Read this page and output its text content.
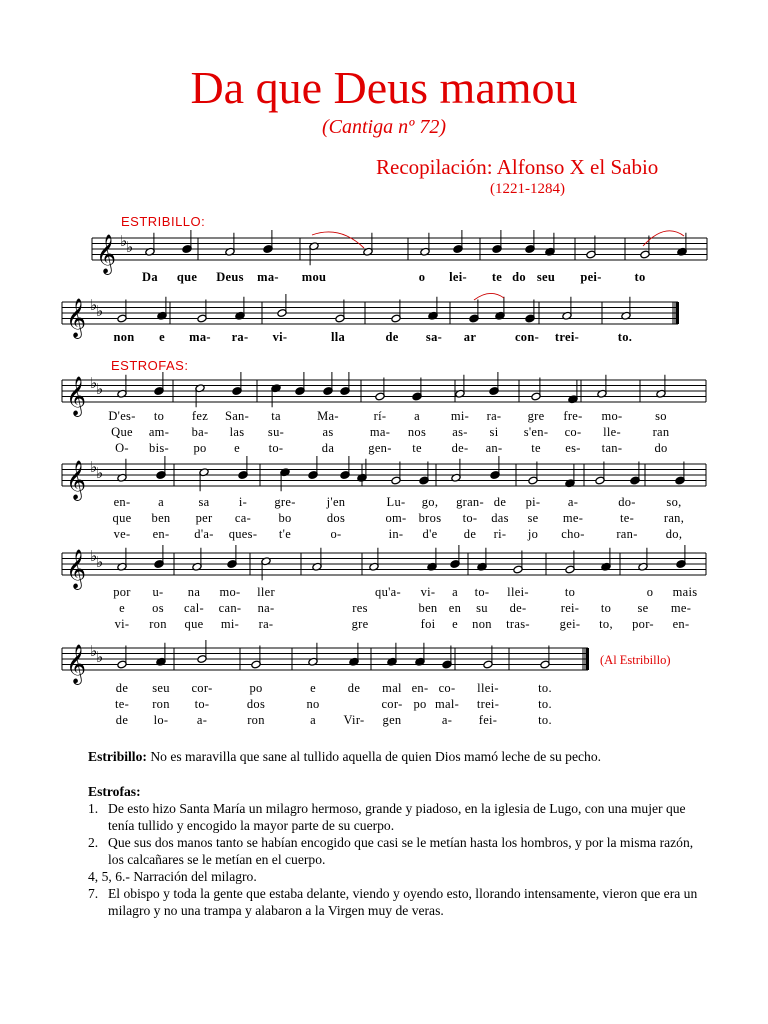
Da que Deus mamou
(Cantiga nº 72)
Recopilación: Alfonso X el Sabio
(1221-1284)
ESTRIBILLO:
ESTROFAS:
𝄞 ♭
♭
𝄞 ♭
♭
𝄞 ♭
♭
𝄞 ♭
♭
𝄞 ♭
♭
𝄞 ♭
♭
Da que Deus ma- mou	o lei- te do seu pei-	to
non e ma- ra- vi-	lla	de sa- ar	con- trei-	to.
D'es- to fez San- ta	Ma-	rí- a mi- ra- gre fre- mo-	so
Que am- ba- las su-	as	ma- nos as- si s'en- co- lle-	ran
O- bis- po e to-	da	gen- te de- an- te es- tan-	do
en- a	sa i- gre- j'en	Lu- go, gran- de pi- a-	do- so,
que ben per ca- bo	dos	om- bros to- das se me-	te- ran,
ve- en- d'a- ques- t'e	o-	in- d'e de ri- jo cho-	ran- do,
por u- na mo- ller	qu'a- vi- a to- llei-	to	o mais
e os cal- can- na-	res	ben en su de-	rei- to se me-
vi- ron que mi- ra-	gre	foi e non tras- gei- to, por- en-
de seu cor-	po	e	de mal en- co- llei-	to.
te- ron to-	dos	no	cor- po mal- trei-	to.
de lo- a-	ron	a Vir- gen	a- fei-	to.
(Al Estribillo)

Estribillo: No es maravilla que sane al tullido aquella de quien Dios mamó leche de su pecho.

Estrofas:

1. De esto hizo Santa María un milagro hermoso, grande y piadoso, en la iglesia de Lugo, con una mujer que tenía tullido y encogido la mayor parte de su cuerpo.
2. Que sus dos manos tanto se habían encogido que casi se le metían hasta los hombros, y por la misma razón, los calcañares se le metían en el cuerpo.
4, 5, 6.- Narración del milagro.
7. El obispo y toda la gente que estaba delante, viendo y oyendo esto, llorando intensamente, vieron que era un milagro y no una trampa y alabaron a la Virgen muy de veras.
